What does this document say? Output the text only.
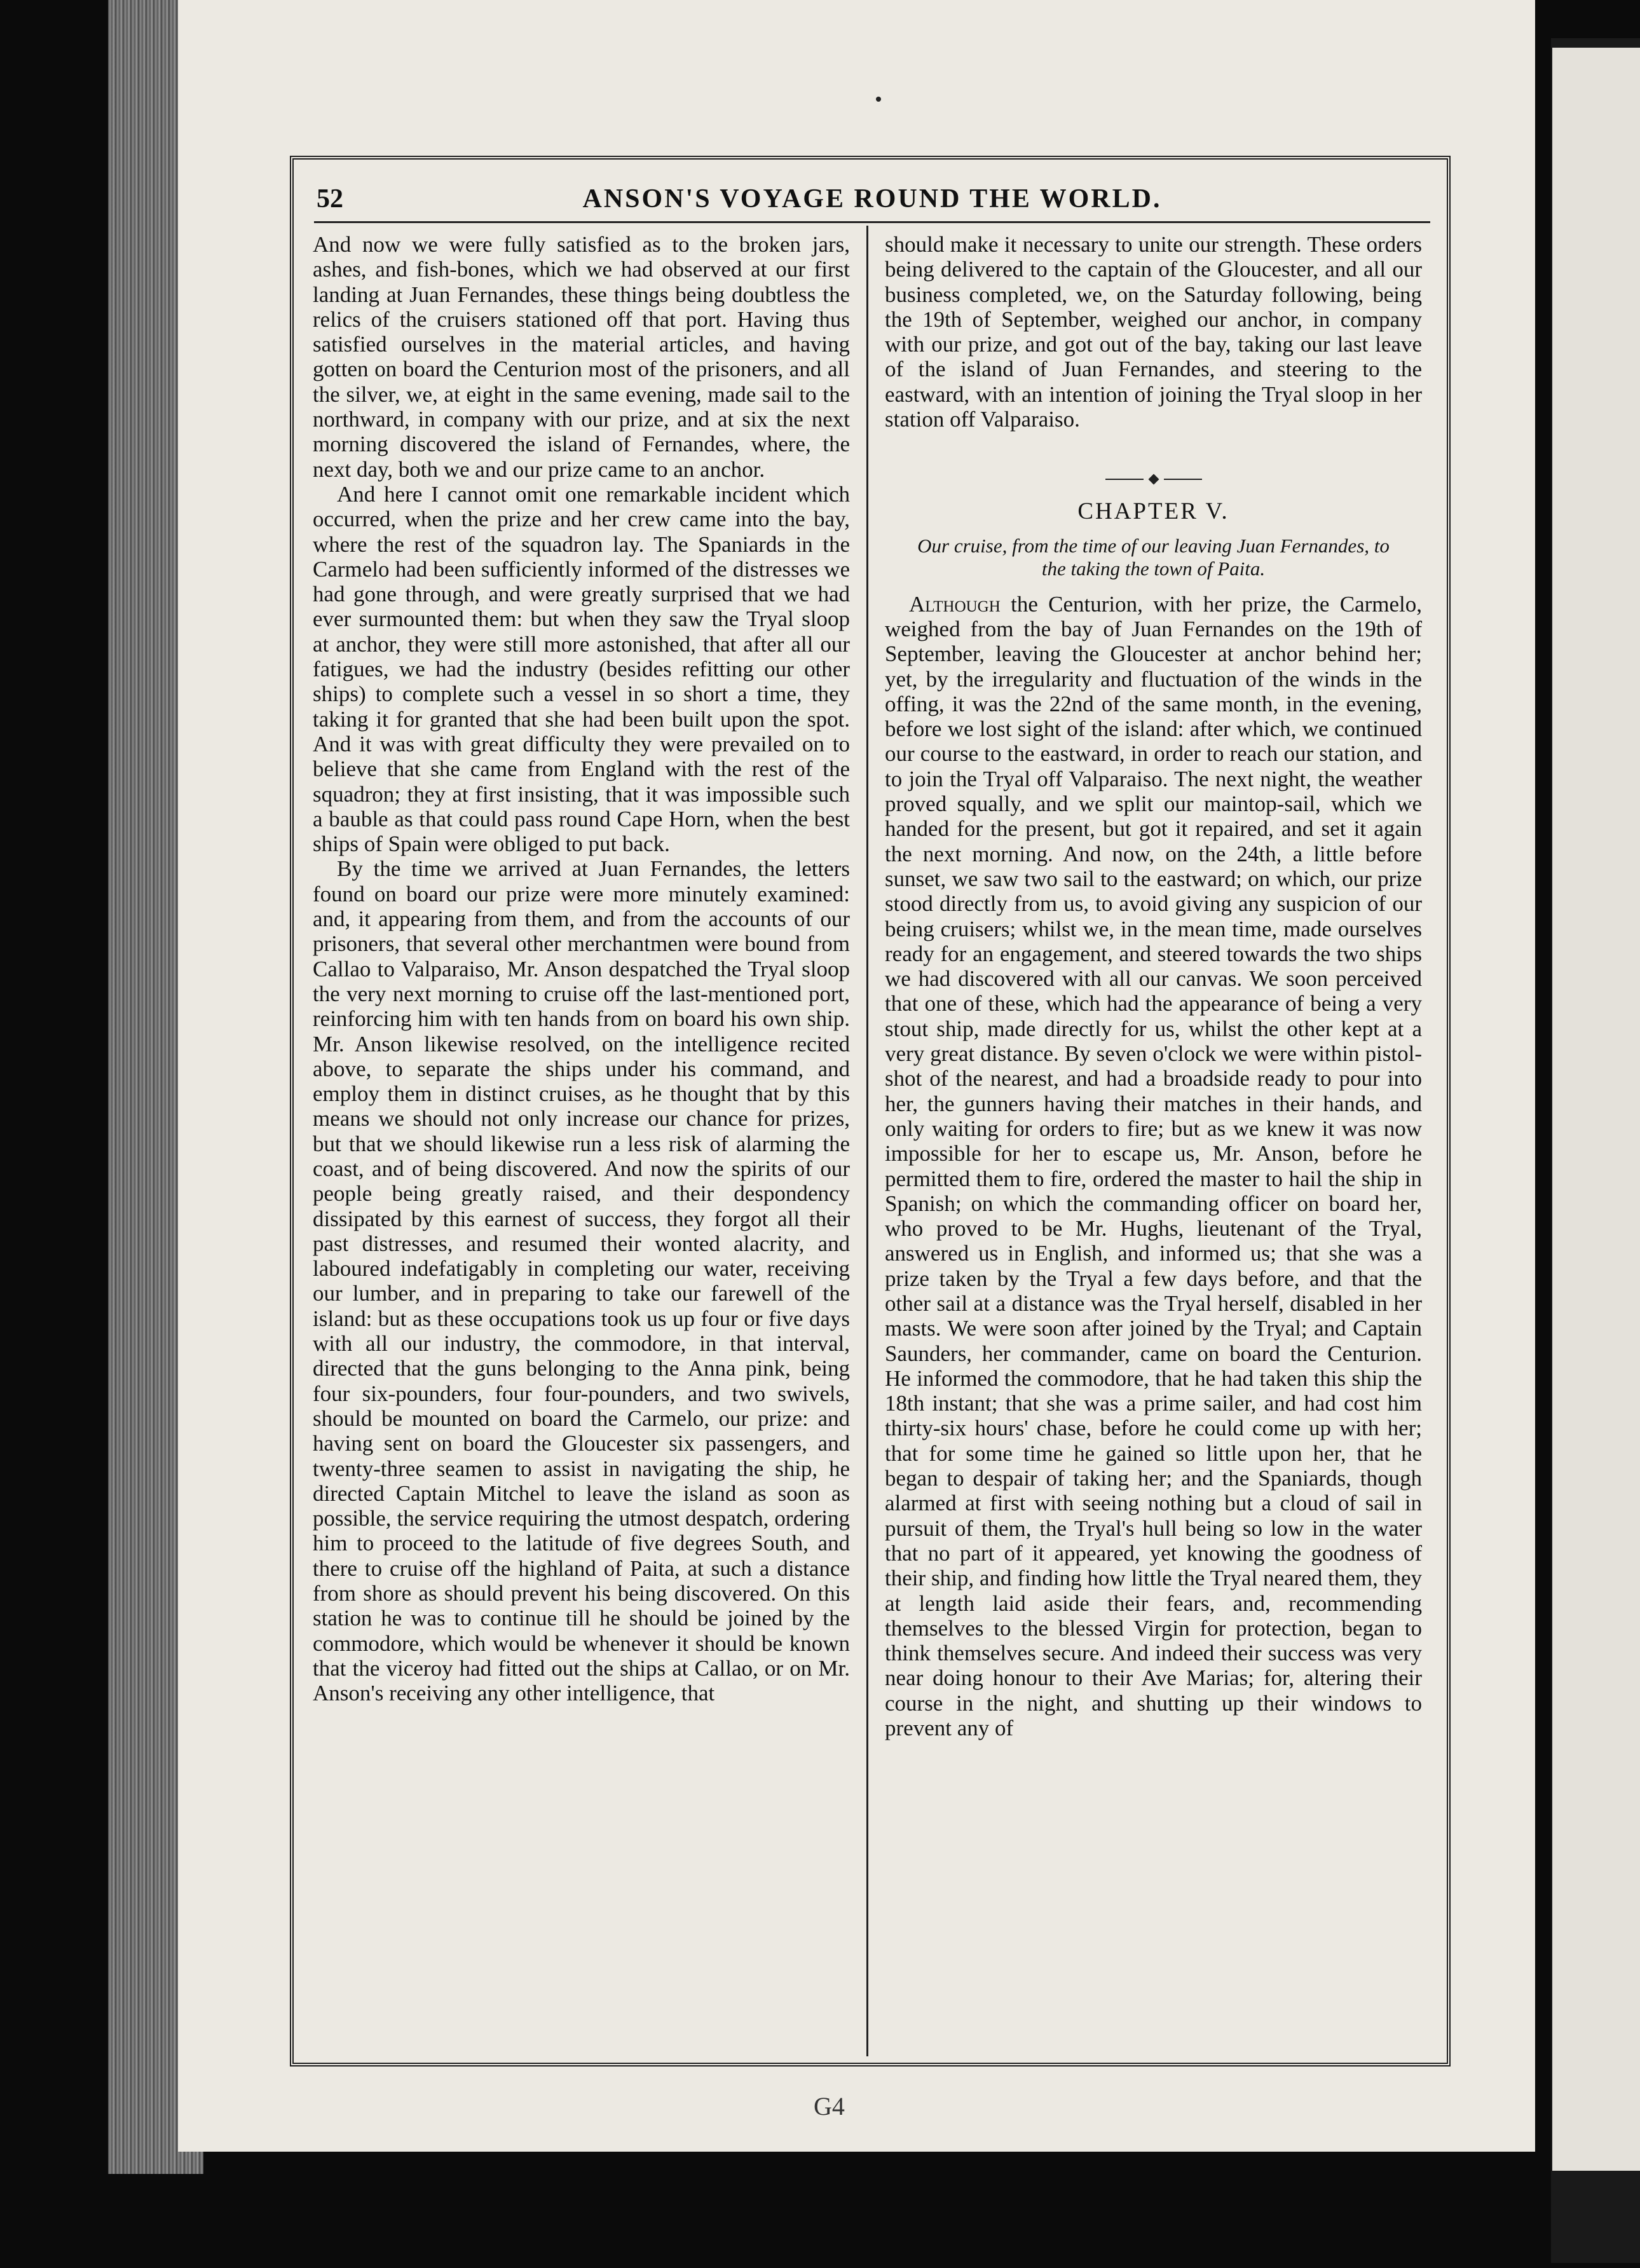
52	ANSON'S VOYAGE ROUND THE WORLD.

And now we were fully satisfied as to the broken jars, ashes, and fish-bones, which we had observed at our first landing at Juan Fernandes, these things being doubtless the relics of the cruisers stationed off that port. Having thus satisfied ourselves in the material articles, and having gotten on board the Centurion most of the prisoners, and all the silver, we, at eight in the same evening, made sail to the northward, in company with our prize, and at six the next morning discovered the island of Fernandes, where, the next day, both we and our prize came to an anchor.

And here I cannot omit one remarkable incident which occurred, when the prize and her crew came into the bay, where the rest of the squadron lay. The Spaniards in the Carmelo had been sufficiently informed of the distresses we had gone through, and were greatly surprised that we had ever surmounted them: but when they saw the Tryal sloop at anchor, they were still more astonished, that after all our fatigues, we had the industry (besides refitting our other ships) to complete such a vessel in so short a time, they taking it for granted that she had been built upon the spot. And it was with great difficulty they were prevailed on to believe that she came from England with the rest of the squadron; they at first insisting, that it was impossible such a bauble as that could pass round Cape Horn, when the best ships of Spain were obliged to put back.

By the time we arrived at Juan Fernandes, the letters found on board our prize were more minutely examined: and, it appearing from them, and from the accounts of our prisoners, that several other merchantmen were bound from Callao to Valparaiso, Mr. Anson despatched the Tryal sloop the very next morning to cruise off the last-mentioned port, reinforcing him with ten hands from on board his own ship. Mr. Anson likewise resolved, on the intelligence recited above, to separate the ships under his command, and employ them in distinct cruises, as he thought that by this means we should not only increase our chance for prizes, but that we should likewise run a less risk of alarming the coast, and of being discovered. And now the spirits of our people being greatly raised, and their despondency dissipated by this earnest of success, they forgot all their past distresses, and resumed their wonted alacrity, and laboured indefatigably in completing our water, receiving our lumber, and in preparing to take our farewell of the island: but as these occupations took us up four or five days with all our industry, the commodore, in that interval, directed that the guns belonging to the Anna pink, being four six-pounders, four four-pounders, and two swivels, should be mounted on board the Carmelo, our prize: and having sent on board the Gloucester six passengers, and twenty-three seamen to assist in navigating the ship, he directed Captain Mitchel to leave the island as soon as possible, the service requiring the utmost despatch, ordering him to proceed to the latitude of five degrees South, and there to cruise off the highland of Paita, at such a distance from shore as should prevent his being discovered. On this station he was to continue till he should be joined by the commodore, which would be whenever it should be known that the viceroy had fitted out the ships at Callao, or on Mr. Anson's receiving any other intelligence, that

should make it necessary to unite our strength. These orders being delivered to the captain of the Gloucester, and all our business completed, we, on the Saturday following, being the 19th of September, weighed our anchor, in company with our prize, and got out of the bay, taking our last leave of the island of Juan Fernandes, and steering to the eastward, with an intention of joining the Tryal sloop in her station off Valparaiso.

CHAPTER V.
Our cruise, from the time of our leaving Juan Fernandes, to the taking the town of Paita.

Although the Centurion, with her prize, the Carmelo, weighed from the bay of Juan Fernandes on the 19th of September, leaving the Gloucester at anchor behind her; yet, by the irregularity and fluctuation of the winds in the offing, it was the 22nd of the same month, in the evening, before we lost sight of the island: after which, we continued our course to the eastward, in order to reach our station, and to join the Tryal off Valparaiso. The next night, the weather proved squally, and we split our maintop-sail, which we handed for the present, but got it repaired, and set it again the next morning. And now, on the 24th, a little before sunset, we saw two sail to the eastward; on which, our prize stood directly from us, to avoid giving any suspicion of our being cruisers; whilst we, in the mean time, made ourselves ready for an engagement, and steered towards the two ships we had discovered with all our canvas. We soon perceived that one of these, which had the appearance of being a very stout ship, made directly for us, whilst the other kept at a very great distance. By seven o'clock we were within pistol-shot of the nearest, and had a broadside ready to pour into her, the gunners having their matches in their hands, and only waiting for orders to fire; but as we knew it was now impossible for her to escape us, Mr. Anson, before he permitted them to fire, ordered the master to hail the ship in Spanish; on which the commanding officer on board her, who proved to be Mr. Hughs, lieutenant of the Tryal, answered us in English, and informed us; that she was a prize taken by the Tryal a few days before, and that the other sail at a distance was the Tryal herself, disabled in her masts. We were soon after joined by the Tryal; and Captain Saunders, her commander, came on board the Centurion. He informed the commodore, that he had taken this ship the 18th instant; that she was a prime sailer, and had cost him thirty-six hours' chase, before he could come up with her; that for some time he gained so little upon her, that he began to despair of taking her; and the Spaniards, though alarmed at first with seeing nothing but a cloud of sail in pursuit of them, the Tryal's hull being so low in the water that no part of it appeared, yet knowing the goodness of their ship, and finding how little the Tryal neared them, they at length laid aside their fears, and, recommending themselves to the blessed Virgin for protection, began to think themselves secure. And indeed their success was very near doing honour to their Ave Marias; for, altering their course in the night, and shutting up their windows to prevent any of

G4
